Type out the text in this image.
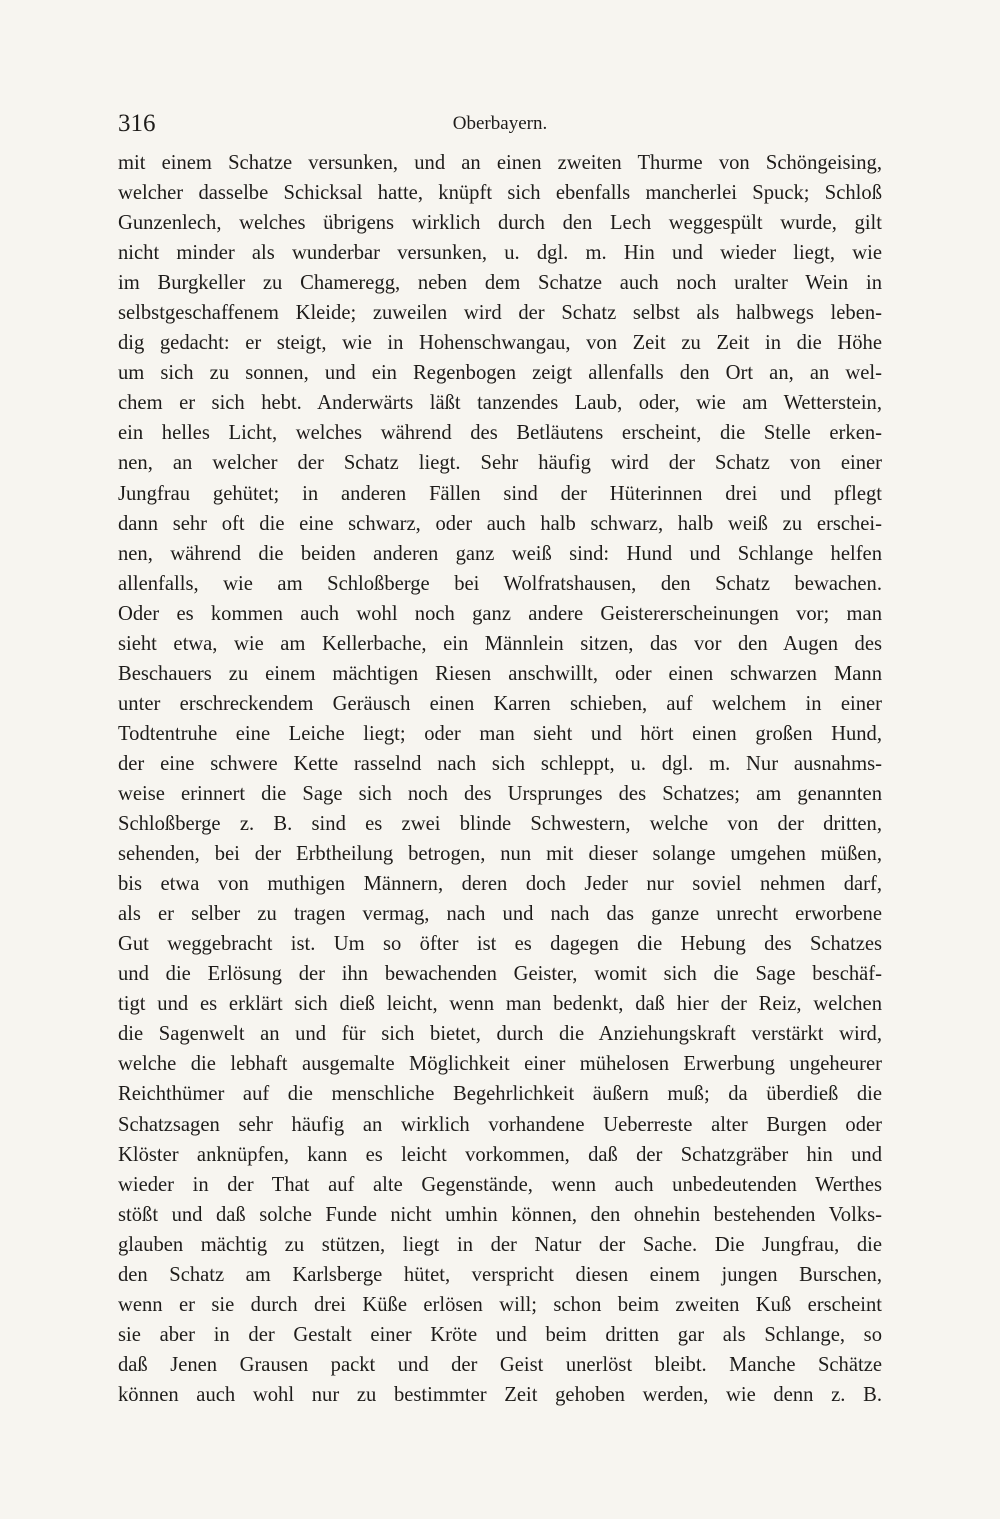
316	Oberbayern.
mit einem Schatze versunken, und an einen zweiten Thurme von Schöngeising,
welcher dasselbe Schicksal hatte, knüpft sich ebenfalls mancherlei Spuck; Schloß
Gunzenlech, welches übrigens wirklich durch den Lech weggespült wurde, gilt
nicht minder als wunderbar versunken, u. dgl. m. Hin und wieder liegt, wie
im Burgkeller zu Chameregg, neben dem Schatze auch noch uralter Wein in
selbstgeschaffenem Kleide; zuweilen wird der Schatz selbst als halbwegs leben-
dig gedacht: er steigt, wie in Hohenschwangau, von Zeit zu Zeit in die Höhe
um sich zu sonnen, und ein Regenbogen zeigt allenfalls den Ort an, an wel-
chem er sich hebt. Anderwärts läßt tanzendes Laub, oder, wie am Wetterstein,
ein helles Licht, welches während des Betläutens erscheint, die Stelle erken-
nen, an welcher der Schatz liegt. Sehr häufig wird der Schatz von einer
Jungfrau gehütet; in anderen Fällen sind der Hüterinnen drei und pflegt
dann sehr oft die eine schwarz, oder auch halb schwarz, halb weiß zu erschei-
nen, während die beiden anderen ganz weiß sind: Hund und Schlange helfen
allenfalls, wie am Schloßberge bei Wolfratshausen, den Schatz bewachen.
Oder es kommen auch wohl noch ganz andere Geistererscheinungen vor; man
sieht etwa, wie am Kellerbache, ein Männlein sitzen, das vor den Augen des
Beschauers zu einem mächtigen Riesen anschwillt, oder einen schwarzen Mann
unter erschreckendem Geräusch einen Karren schieben, auf welchem in einer
Todtentruhe eine Leiche liegt; oder man sieht und hört einen großen Hund,
der eine schwere Kette rasselnd nach sich schleppt, u. dgl. m. Nur ausnahms-
weise erinnert die Sage sich noch des Ursprunges des Schatzes; am genannten
Schloßberge z. B. sind es zwei blinde Schwestern, welche von der dritten,
sehenden, bei der Erbtheilung betrogen, nun mit dieser solange umgehen müßen,
bis etwa von muthigen Männern, deren doch Jeder nur soviel nehmen darf,
als er selber zu tragen vermag, nach und nach das ganze unrecht erworbene
Gut weggebracht ist. Um so öfter ist es dagegen die Hebung des Schatzes
und die Erlösung der ihn bewachenden Geister, womit sich die Sage beschäf-
tigt und es erklärt sich dieß leicht, wenn man bedenkt, daß hier der Reiz, welchen
die Sagenwelt an und für sich bietet, durch die Anziehungskraft verstärkt wird,
welche die lebhaft ausgemalte Möglichkeit einer mühelosen Erwerbung ungeheurer
Reichthümer auf die menschliche Begehrlichkeit äußern muß; da überdieß die
Schatzsagen sehr häufig an wirklich vorhandene Ueberreste alter Burgen oder
Klöster anknüpfen, kann es leicht vorkommen, daß der Schatzgräber hin und
wieder in der That auf alte Gegenstände, wenn auch unbedeutenden Werthes
stößt und daß solche Funde nicht umhin können, den ohnehin bestehenden Volks-
glauben mächtig zu stützen, liegt in der Natur der Sache. Die Jungfrau, die
den Schatz am Karlsberge hütet, verspricht diesen einem jungen Burschen,
wenn er sie durch drei Küße erlösen will; schon beim zweiten Kuß erscheint
sie aber in der Gestalt einer Kröte und beim dritten gar als Schlange, so
daß Jenen Grausen packt und der Geist unerlöst bleibt. Manche Schätze
können auch wohl nur zu bestimmter Zeit gehoben werden, wie denn z. B.
